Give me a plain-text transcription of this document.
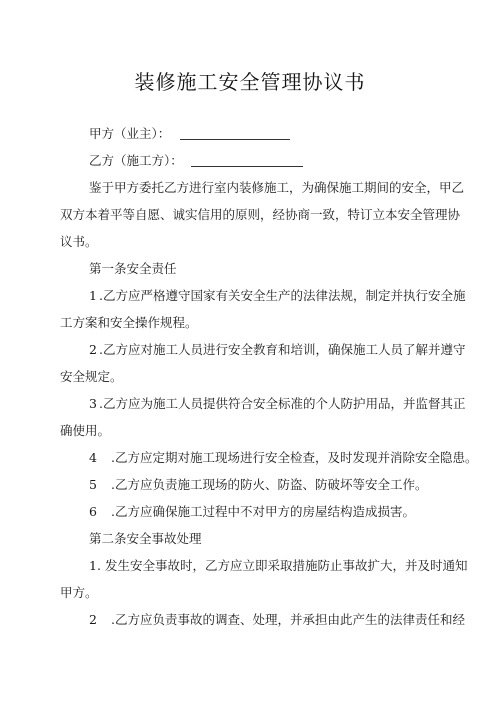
装修施工安全管理协议书
甲方（业主）：
乙方（施工方）：
鉴于甲方委托乙方进行室内装修施工，为确保施工期间的安全，甲乙
双方本着平等自愿、诚实信用的原则，经协商一致，特订立本安全管理协
议书。
第一条安全责任
1 .乙方应严格遵守国家有关安全生产的法律法规，制定并执行安全施
工方案和安全操作规程。
2 .乙方应对施工人员进行安全教育和培训，确保施工人员了解并遵守
安全规定。
3 .乙方应为施工人员提供符合安全标准的个人防护用品，并监督其正
确使用。
4 .乙方应定期对施工现场进行安全检查，及时发现并消除安全隐患。
5 .乙方应负责施工现场的防火、防盗、防破坏等安全工作。
6 .乙方应确保施工过程中不对甲方的房屋结构造成损害。
第二条安全事故处理
1. 发生安全事故时，乙方应立即采取措施防止事故扩大，并及时通知
甲方。
2 .乙方应负责事故的调查、处理，并承担由此产生的法律责任和经
